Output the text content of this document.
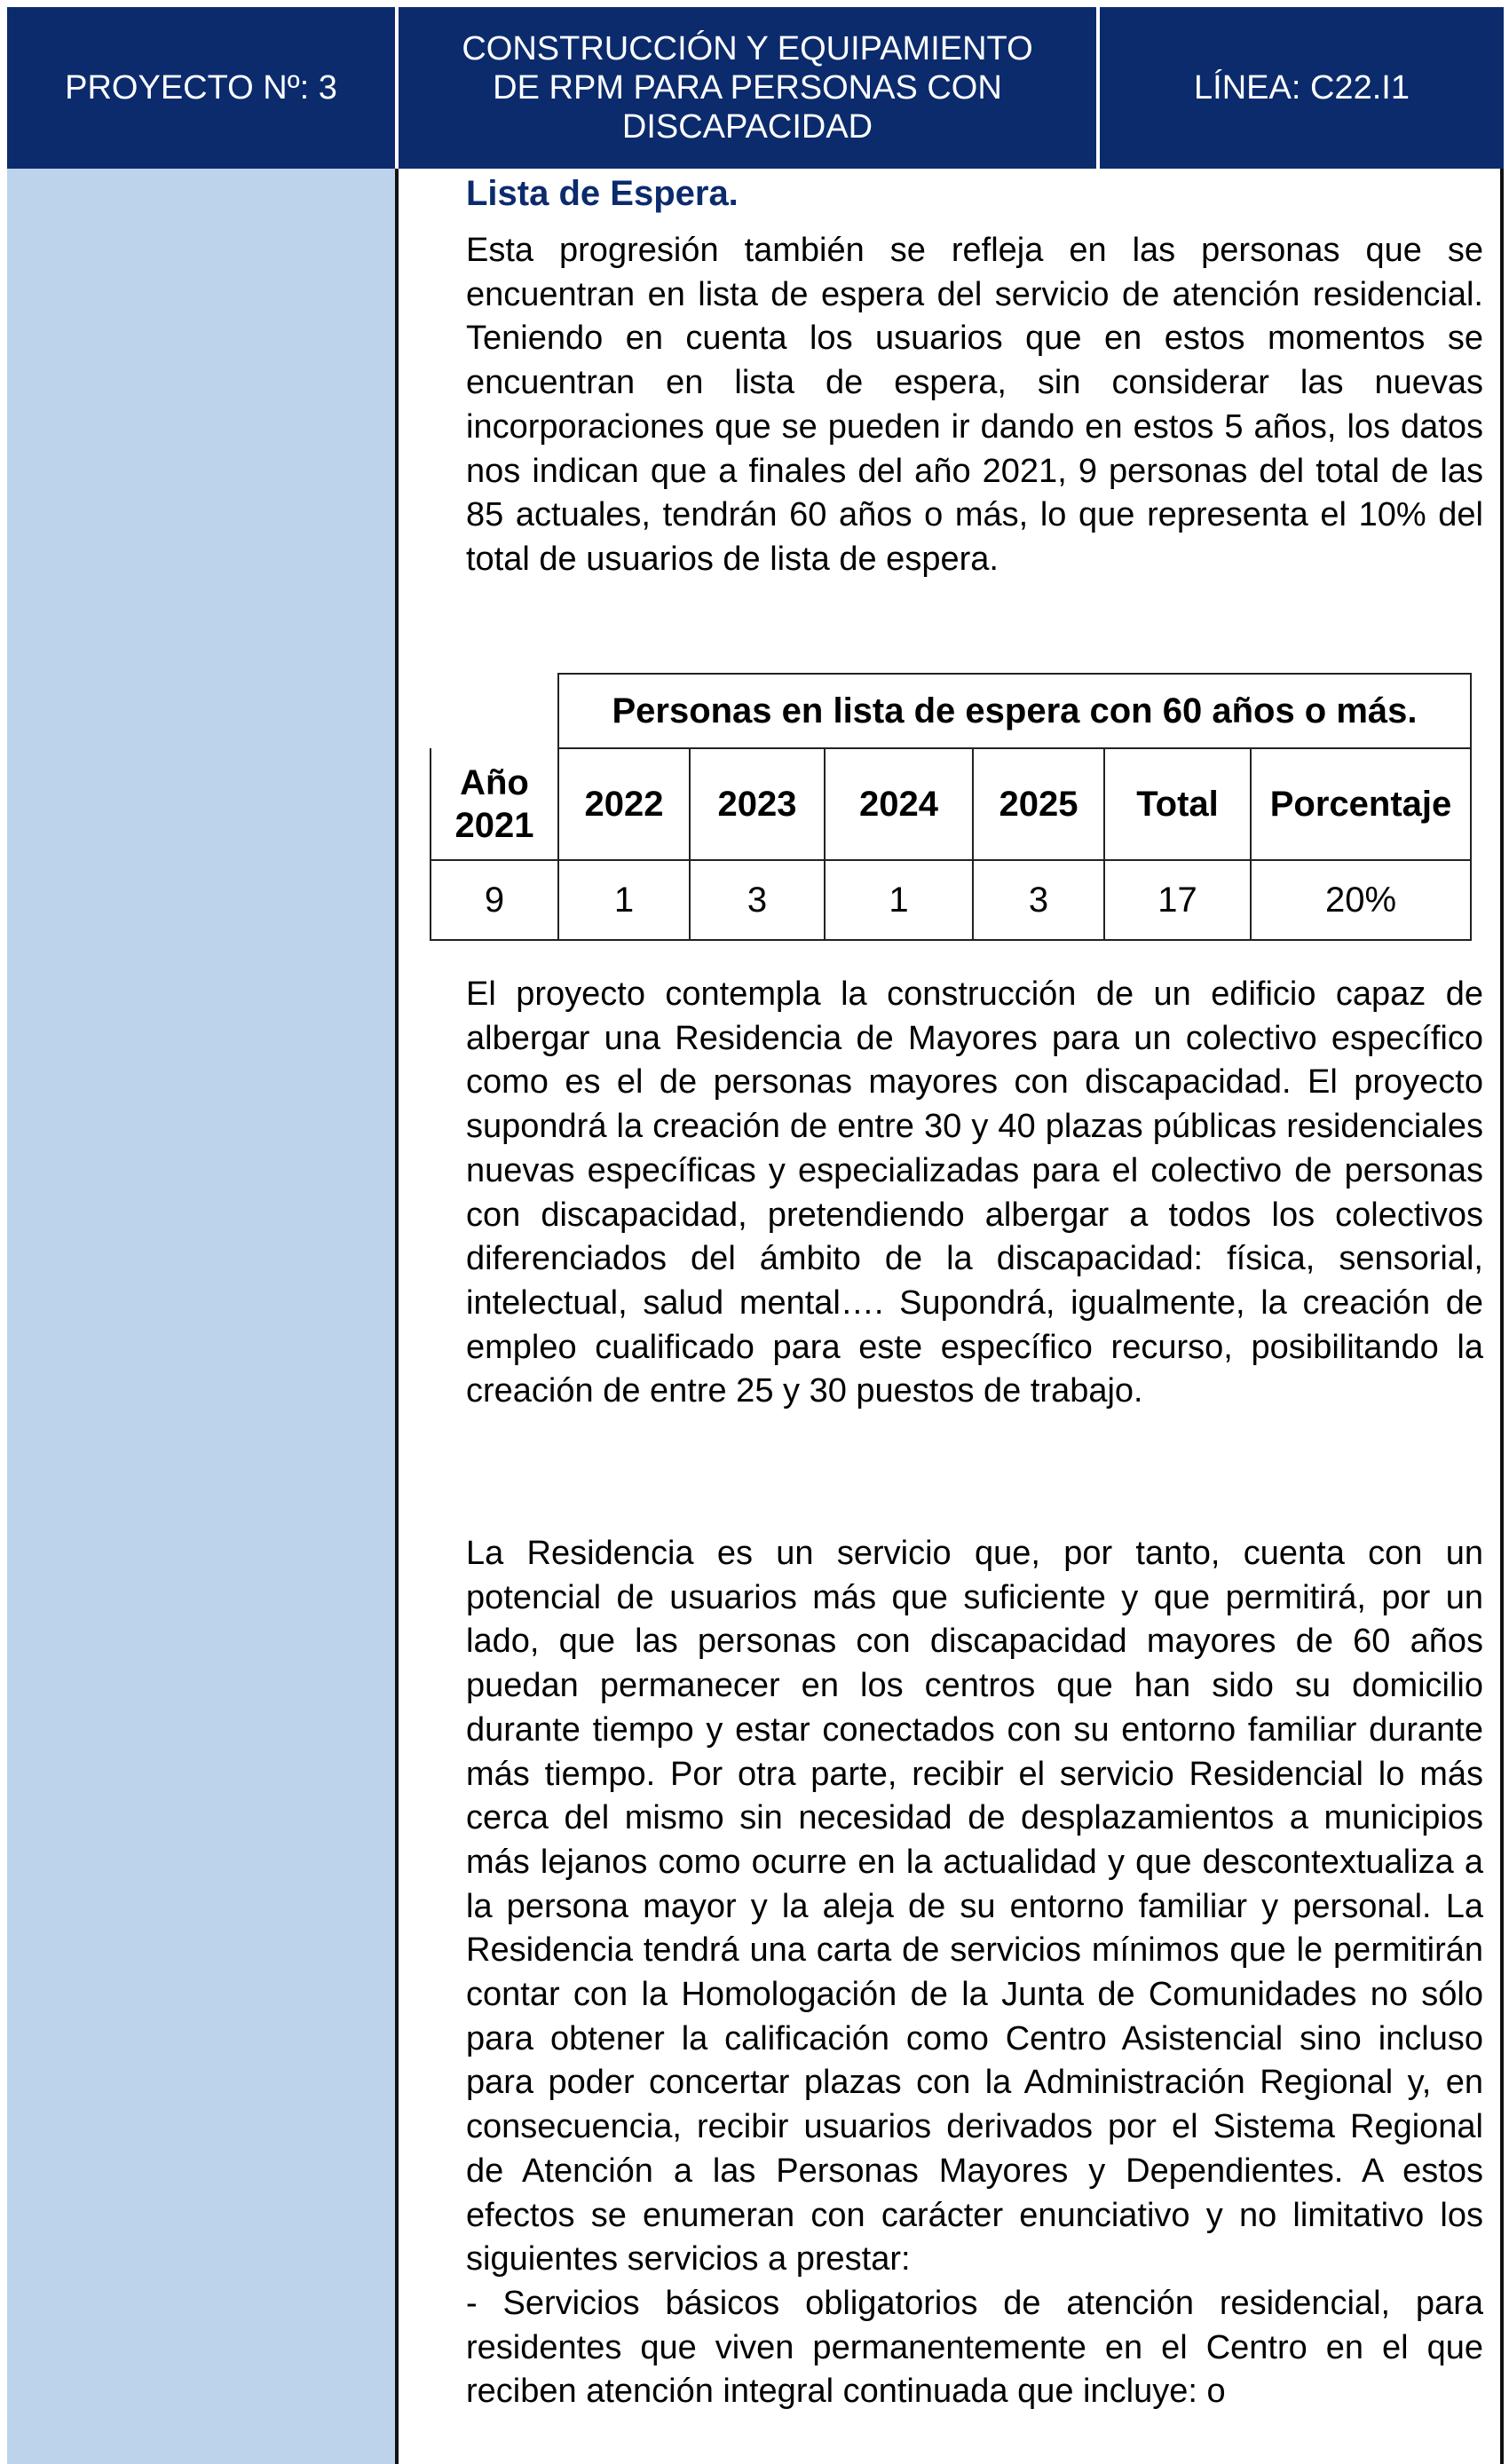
PROYECTO Nº: 3
CONSTRUCCIÓN Y EQUIPAMIENTO
DE RPM PARA PERSONAS CON
DISCAPACIDAD
LÍNEA: C22.I1
Lista de Espera.

Esta progresión también se refleja en las personas que se encuentran en lista de espera del servicio de atención residencial. Teniendo en cuenta los usuarios que en estos momentos se encuentran en lista de espera, sin considerar las nuevas incorporaciones que se pueden ir dando en estos 5 años, los datos nos indican que a finales del año 2021, 9 personas del total de las 85 actuales, tendrán 60 años o más, lo que representa el 10% del total de usuarios de lista de espera.

	Personas en lista de espera con 60 años o más.					

Año
2021	2022	2023	2024	2025	Total	Porcentaje
9	1	3	1	3	17	20%

El proyecto contempla la construcción de un edificio capaz de albergar una Residencia de Mayores para un colectivo específico como es el de personas mayores con discapacidad. El proyecto supondrá la creación de entre 30 y 40 plazas públicas residenciales nuevas específicas y especializadas para el colectivo de personas con discapacidad, pretendiendo albergar a todos los colectivos diferenciados del ámbito de la discapacidad: física, sensorial, intelectual, salud mental…. Supondrá, igualmente, la creación de empleo cualificado para este específico recurso, posibilitando la creación de entre 25 y 30 puestos de trabajo.

La Residencia es un servicio que, por tanto, cuenta con un potencial de usuarios más que suficiente y que permitirá, por un lado, que las personas con discapacidad mayores de 60 años puedan permanecer en los centros que han sido su domicilio durante tiempo y estar conectados con su entorno familiar durante más tiempo. Por otra parte, recibir el servicio Residencial lo más cerca del mismo sin necesidad de desplazamientos a municipios más lejanos como ocurre en la actualidad y que descontextualiza a la persona mayor y la aleja de su entorno familiar y personal. La Residencia tendrá una carta de servicios mínimos que le permitirán contar con la Homologación de la Junta de Comunidades no sólo para obtener la calificación como Centro Asistencial sino incluso para poder concertar plazas con la Administración Regional y, en consecuencia, recibir usuarios derivados por el Sistema Regional de Atención a las Personas Mayores y Dependientes. A estos efectos se enumeran con carácter enunciativo y no limitativo los siguientes servicios a prestar:

- Servicios básicos obligatorios de atención residencial, para residentes que viven permanentemente en el Centro en el que reciben atención integral continuada que incluye: o
